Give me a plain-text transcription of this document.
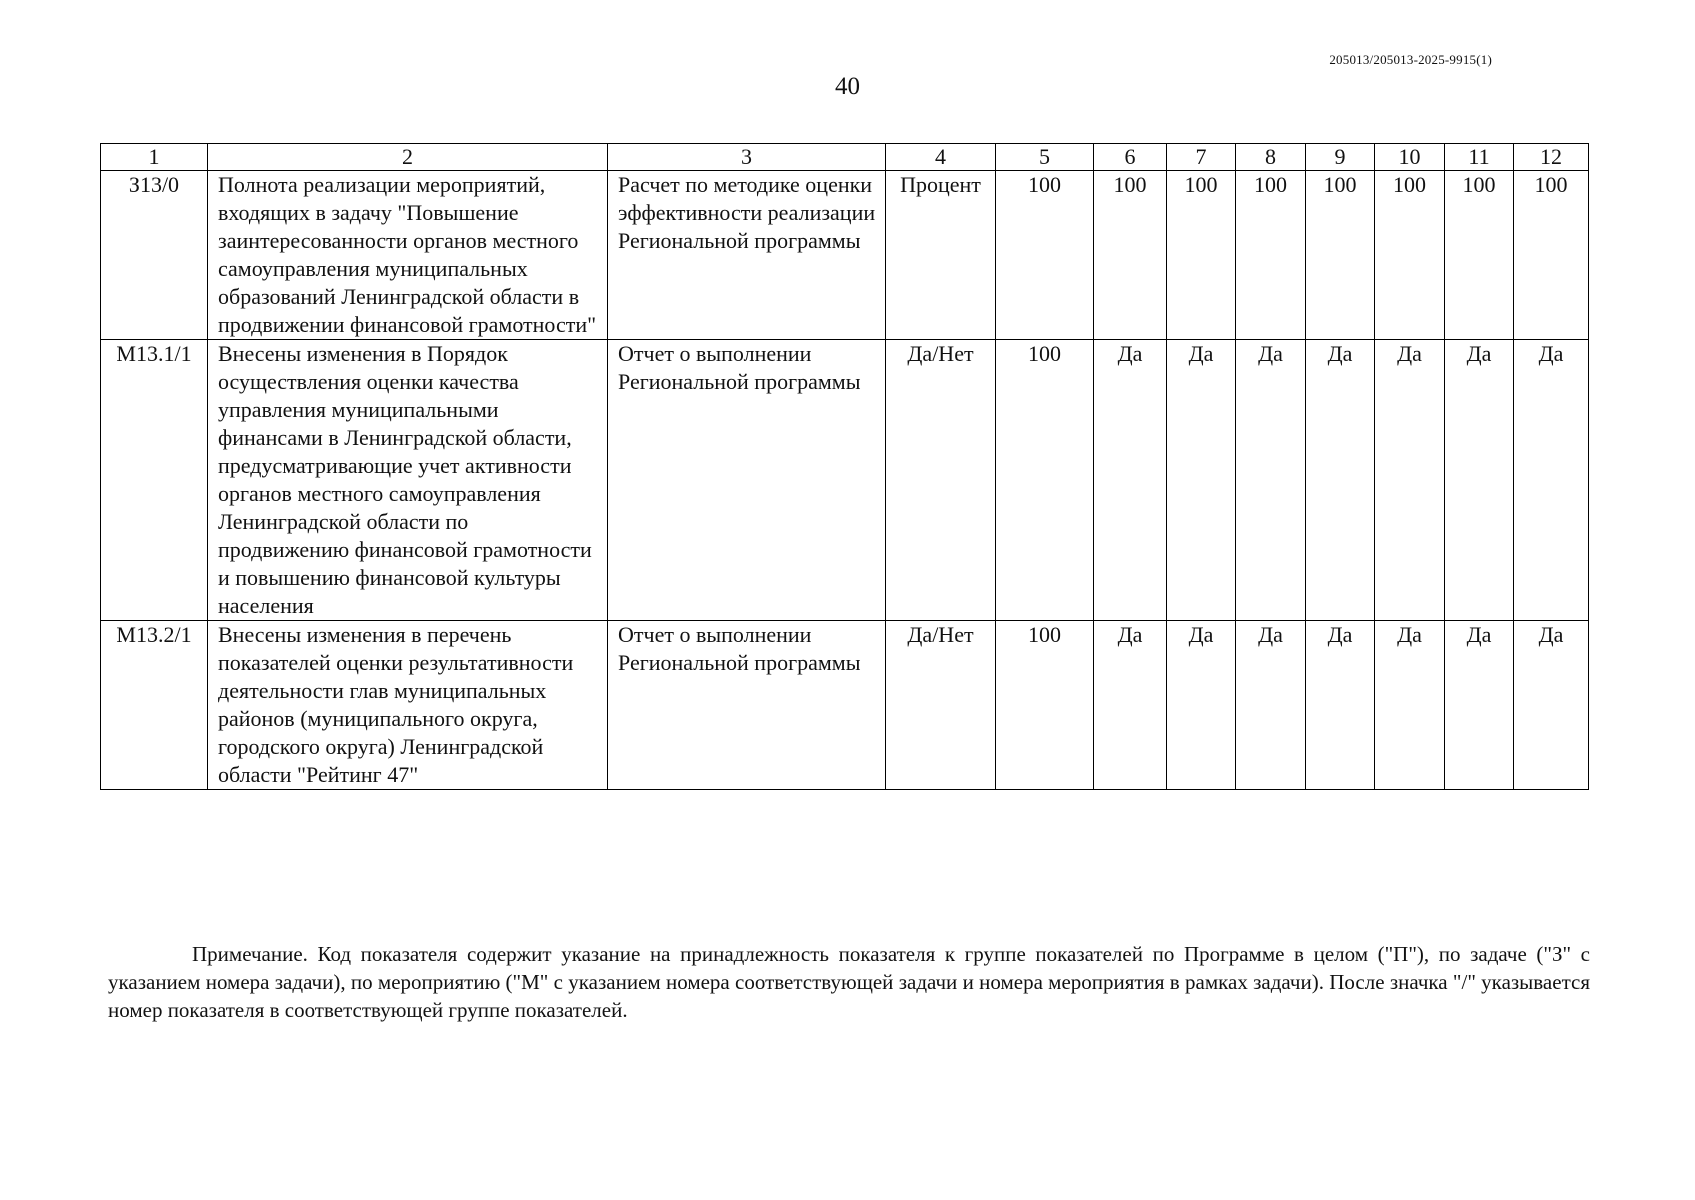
205013/205013-2025-9915(1)
40
1	2	3	4	5	6	7	8	9	10	11	12
З13/0	Полнота реализации мероприятий, входящих в задачу "Повышение заинтересованности органов местного самоуправления муниципальных образований Ленинградской области в продвижении финансовой грамотности"	Расчет по методике оценки эффективности реализации Региональной программы	Процент	100	100	100	100	100	100	100	100
М13.1/1	Внесены изменения в Порядок осуществления оценки качества управления муниципальными финансами в Ленинградской области, предусматривающие учет активности органов местного самоуправления Ленинградской области по продвижению финансовой грамотности и повышению финансовой культуры населения	Отчет о выполнении Региональной программы	Да/Нет	100	Да	Да	Да	Да	Да	Да	Да
М13.2/1	Внесены изменения в перечень показателей оценки результативности деятельности глав муниципальных районов (муниципального округа, городского округа) Ленинградской области "Рейтинг 47"	Отчет о выполнении Региональной программы	Да/Нет	100	Да	Да	Да	Да	Да	Да	Да

Примечание. Код показателя содержит указание на принадлежность показателя к группе показателей по Программе в целом ("П"), по задаче ("З" с указанием номера задачи), по мероприятию ("М" с указанием номера соответствующей задачи и номера мероприятия в рамках задачи). После значка "/" указывается номер показателя в соответствующей группе показателей.
